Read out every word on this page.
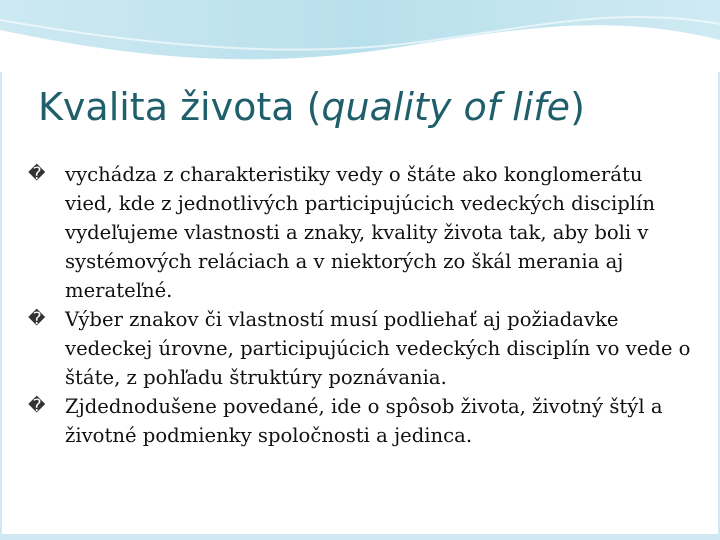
Kvalita života (quality of life)
� vychádza z charakteristiky vedy o štáte ako konglomerátu vied, kde z jednotlivých participujúcich vedeckých disciplín vydeľujeme vlastnosti a znaky, kvality života tak, aby boli v systémových reláciach a v niektorých zo škál merania aj merateľné.
� Výber znakov či vlastností musí podliehať aj požiadavke vedeckej úrovne, participujúcich vedeckých disciplín vo vede o štáte, z pohľadu štruktúry poznávania.
� Zjdednodušene povedané, ide o spôsob života, životný štýl a životné podmienky spoločnosti a jedinca.
